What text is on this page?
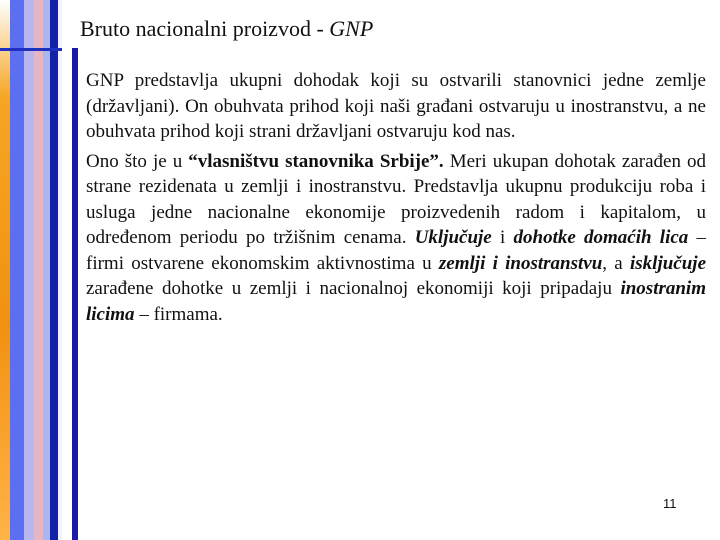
Bruto nacionalni proizvod - GNP

GNP predstavlja ukupni dohodak koji su ostvarili stanovnici jedne zemlje (državljani). On obuhvata prihod koji naši građani ostvaruju u inostranstvu, a ne obuhvata prihod koji strani državljani ostvaruju kod nas.

Ono što je u “vlasništvu stanovnika Srbije”. Meri ukupan dohotak zarađen od strane rezidenata u zemlji i inostranstvu. Predstavlja ukupnu produkciju roba i usluga jedne nacionalne ekonomije proizvedenih radom i kapitalom, u određenom periodu po tržišnim cenama. Uključuje i dohotke domaćih lica – firmi ostvarene ekonomskim aktivnostima u zemlji i inostranstvu, a isključuje zarađene dohotke u zemlji i nacionalnoj ekonomiji koji pripadaju inostranim licima – firmama.

11
